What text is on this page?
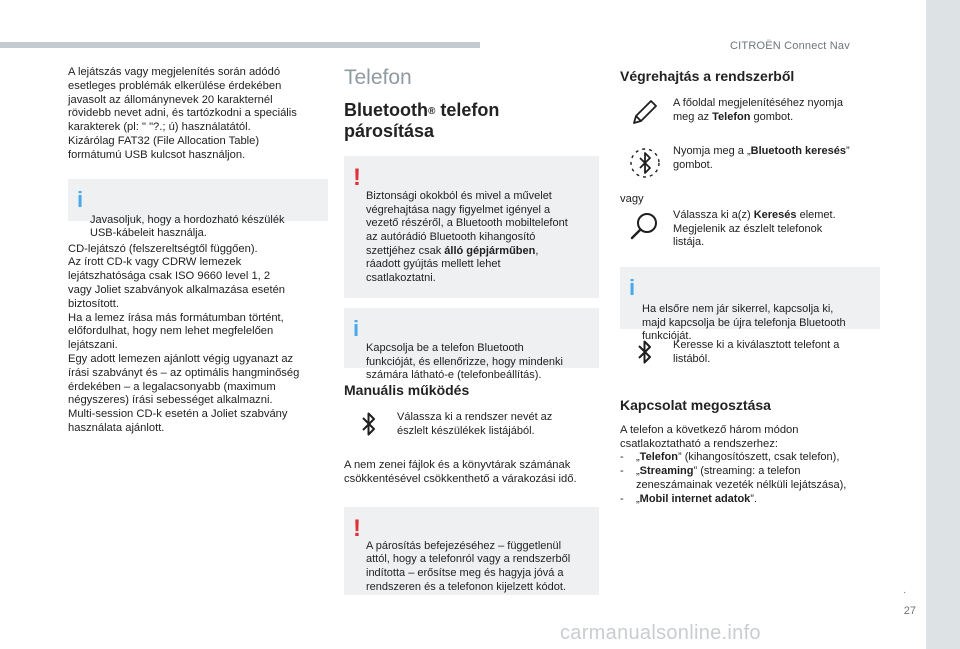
CITROËN Connect Nav
A lejátszás vagy megjelenítés során adódó
esetleges problémák elkerülése érdekében
javasolt az állománynevek 20 karakternél
rövidebb nevet adni, és tartózkodni a speciális
karakterek (pl: " "?.; ú) használatától.
Kizárólag FAT32 (File Allocation Table)
formátumú USB kulcsot használjon.

i

Javasoljuk, hogy a hordozható készülék
USB-kábeleit használja.

CD-lejátszó (felszereltségtől függően).
Az írott CD-k vagy CDRW lemezek
lejátszhatósága csak ISO 9660 level 1, 2
vagy Joliet szabványok alkalmazása esetén
biztosított.
Ha a lemez írása más formátumban történt,
előfordulhat, hogy nem lehet megfelelően
lejátszani.
Egy adott lemezen ajánlott végig ugyanazt az
írási szabványt és – az optimális hangminőség
érdekében – a legalacsonyabb (maximum
négyszeres) írási sebességet alkalmazni.
Multi-session CD-k esetén a Joliet szabvány
használata ajánlott.
Telefon
Bluetooth® telefon
párosítása

!

Biztonsági okokból és mivel a művelet
végrehajtása nagy figyelmet igényel a
vezető részéről, a Bluetooth mobiltelefont
az autórádió Bluetooth kihangosító
szettjéhez csak álló gépjárműben,
ráadott gyújtás mellett lehet
csatlakoztatni.

i

Kapcsolja be a telefon Bluetooth
funkcióját, és ellenőrizze, hogy mindenki
számára látható-e (telefonbeállítás).

Manuális működés
Válassza ki a rendszer nevét az
észlelt készülékek listájából.
A nem zenei fájlok és a könyvtárak számának
csökkentésével csökkenthető a várakozási idő.

!

A párosítás befejezéséhez – függetlenül
attól, hogy a telefonról vagy a rendszerből
indította – erősítse meg és hagyja jóvá a
rendszeren és a telefonon kijelzett kódot.

Végrehajtás a rendszerből
A főoldal megjelenítéséhez nyomja
meg az Telefon gombot.
Nyomja meg a „Bluetooth keresés”
gombot.
vagy
Válassza ki a(z) Keresés elemet.
Megjelenik az észlelt telefonok
listája.

i

Ha elsőre nem jár sikerrel, kapcsolja ki,
majd kapcsolja be újra telefonja Bluetooth
funkcióját.

Keresse ki a kiválasztott telefont a
listából.
Kapcsolat megosztása
A telefon a következő három módon
csatlakoztatható a rendszerhez:
-	„Telefon” (kihangosítószett, csak telefon),
-	„Streaming” (streaming: a telefon
zeneszámainak vezeték nélküli lejátszása),
-	„Mobil internet adatok”.
.
27
carmanualsonline.info
